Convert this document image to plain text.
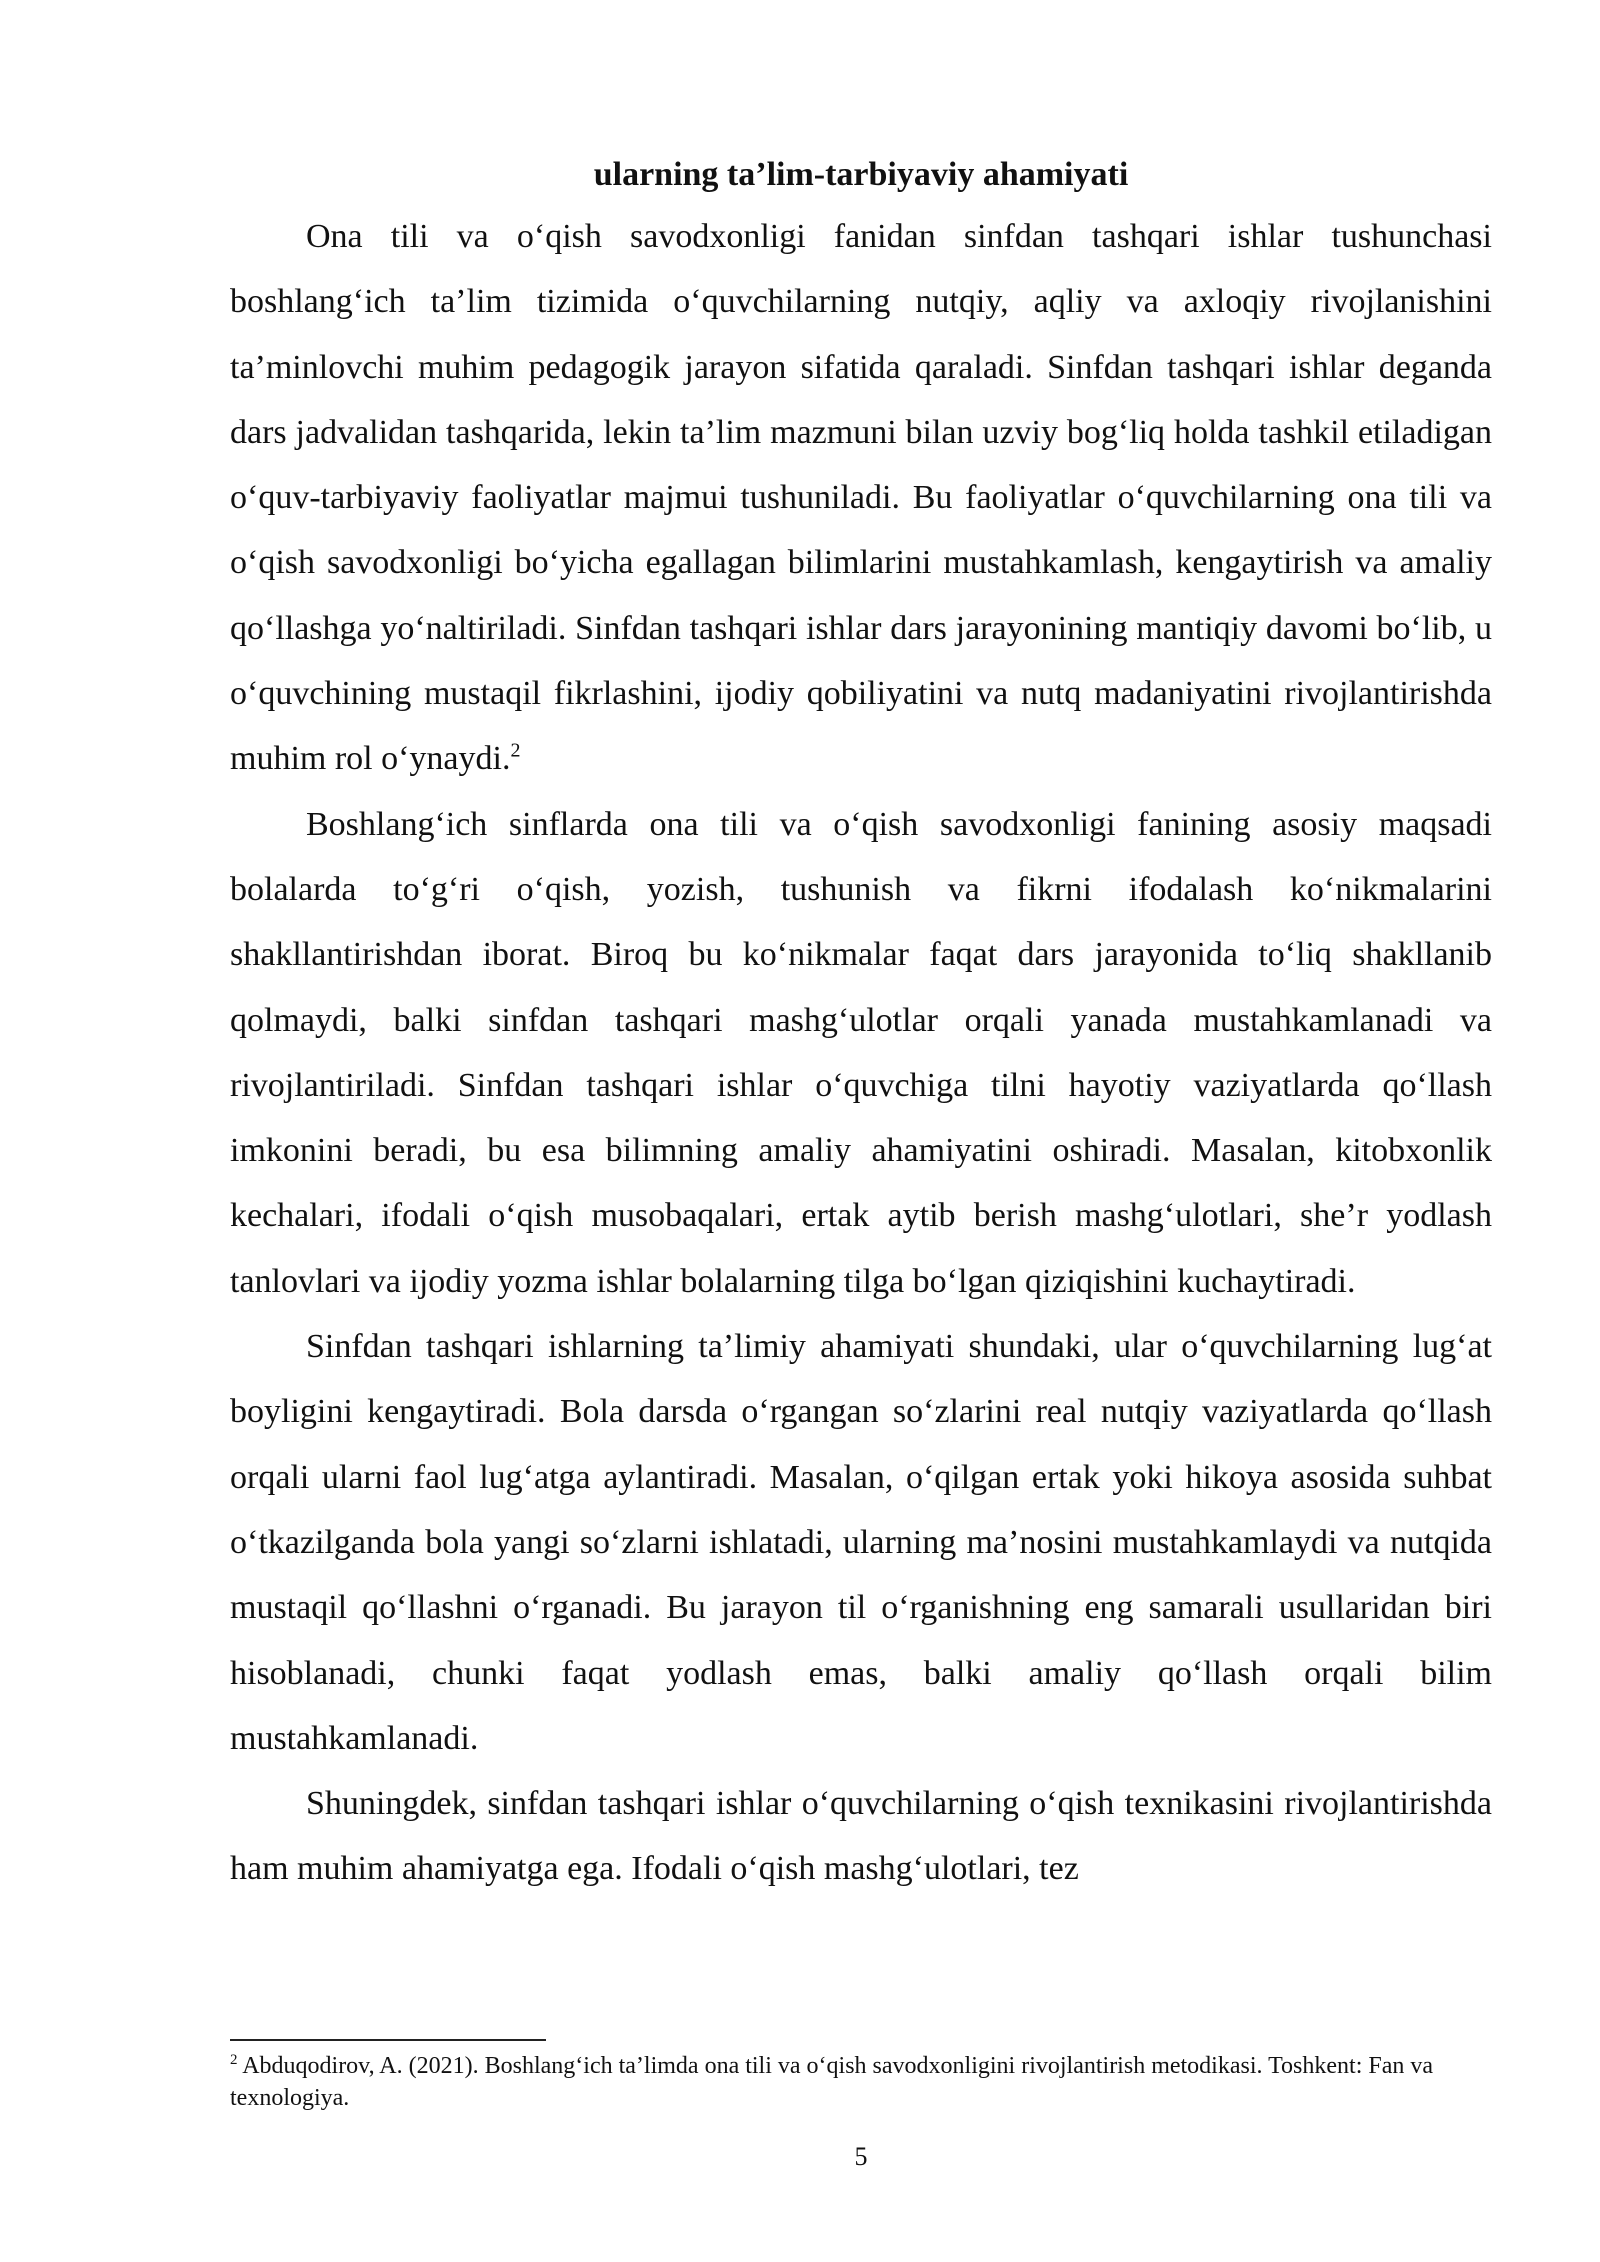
ularning ta’lim-tarbiyaviy ahamiyati

Ona tili va o‘qish savodxonligi fanidan sinfdan tashqari ishlar tushunchasi boshlang‘ich ta’lim tizimida o‘quvchilarning nutqiy, aqliy va axloqiy rivojlanishini ta’minlovchi muhim pedagogik jarayon sifatida qaraladi. Sinfdan tashqari ishlar deganda dars jadvalidan tashqarida, lekin ta’lim mazmuni bilan uzviy bog‘liq holda tashkil etiladigan o‘quv-tarbiyaviy faoliyatlar majmui tushuniladi. Bu faoliyatlar o‘quvchilarning ona tili va o‘qish savodxonligi bo‘yicha egallagan bilimlarini mustahkamlash, kengaytirish va amaliy qo‘llashga yo‘naltiriladi. Sinfdan tashqari ishlar dars jarayonining mantiqiy davomi bo‘lib, u o‘quvchining mustaqil fikrlashini, ijodiy qobiliyatini va nutq madaniyatini rivojlantirishda muhim rol o‘ynaydi.$^2$

Boshlang‘ich sinflarda ona tili va o‘qish savodxonligi fanining asosiy maqsadi bolalarda to‘g‘ri o‘qish, yozish, tushunish va fikrni ifodalash ko‘nikmalarini shakllantirishdan iborat. Biroq bu ko‘nikmalar faqat dars jarayonida to‘liq shakllanib qolmaydi, balki sinfdan tashqari mashg‘ulotlar orqali yanada mustahkamlanadi va rivojlantiriladi. Sinfdan tashqari ishlar o‘quvchiga tilni hayotiy vaziyatlarda qo‘llash imkonini beradi, bu esa bilimning amaliy ahamiyatini oshiradi. Masalan, kitobxonlik kechalari, ifodali o‘qish musobaqalari, ertak aytib berish mashg‘ulotlari, she’r yodlash tanlovlari va ijodiy yozma ishlar bolalarning tilga bo‘lgan qiziqishini kuchaytiradi.

Sinfdan tashqari ishlarning ta’limiy ahamiyati shundaki, ular o‘quvchilarning lug‘at boyligini kengaytiradi. Bola darsda o‘rgangan so‘zlarini real nutqiy vaziyatlarda qo‘llash orqali ularni faol lug‘atga aylantiradi. Masalan, o‘qilgan ertak yoki hikoya asosida suhbat o‘tkazilganda bola yangi so‘zlarni ishlatadi, ularning ma’nosini mustahkamlaydi va nutqida mustaqil qo‘llashni o‘rganadi. Bu jarayon til o‘rganishning eng samarali usullaridan biri hisoblanadi, chunki faqat yodlash emas, balki amaliy qo‘llash orqali bilim mustahkamlanadi.

Shuningdek, sinfdan tashqari ishlar o‘quvchilarning o‘qish texnikasini rivojlantirishda ham muhim ahamiyatga ega. Ifodali o‘qish mashg‘ulotlari, tez

$^2$ Abduqodirov, A. (2021). Boshlang‘ich ta’limda ona tili va o‘qish savodxonligini rivojlantirish metodikasi. Toshkent: Fan va texnologiya.

5
